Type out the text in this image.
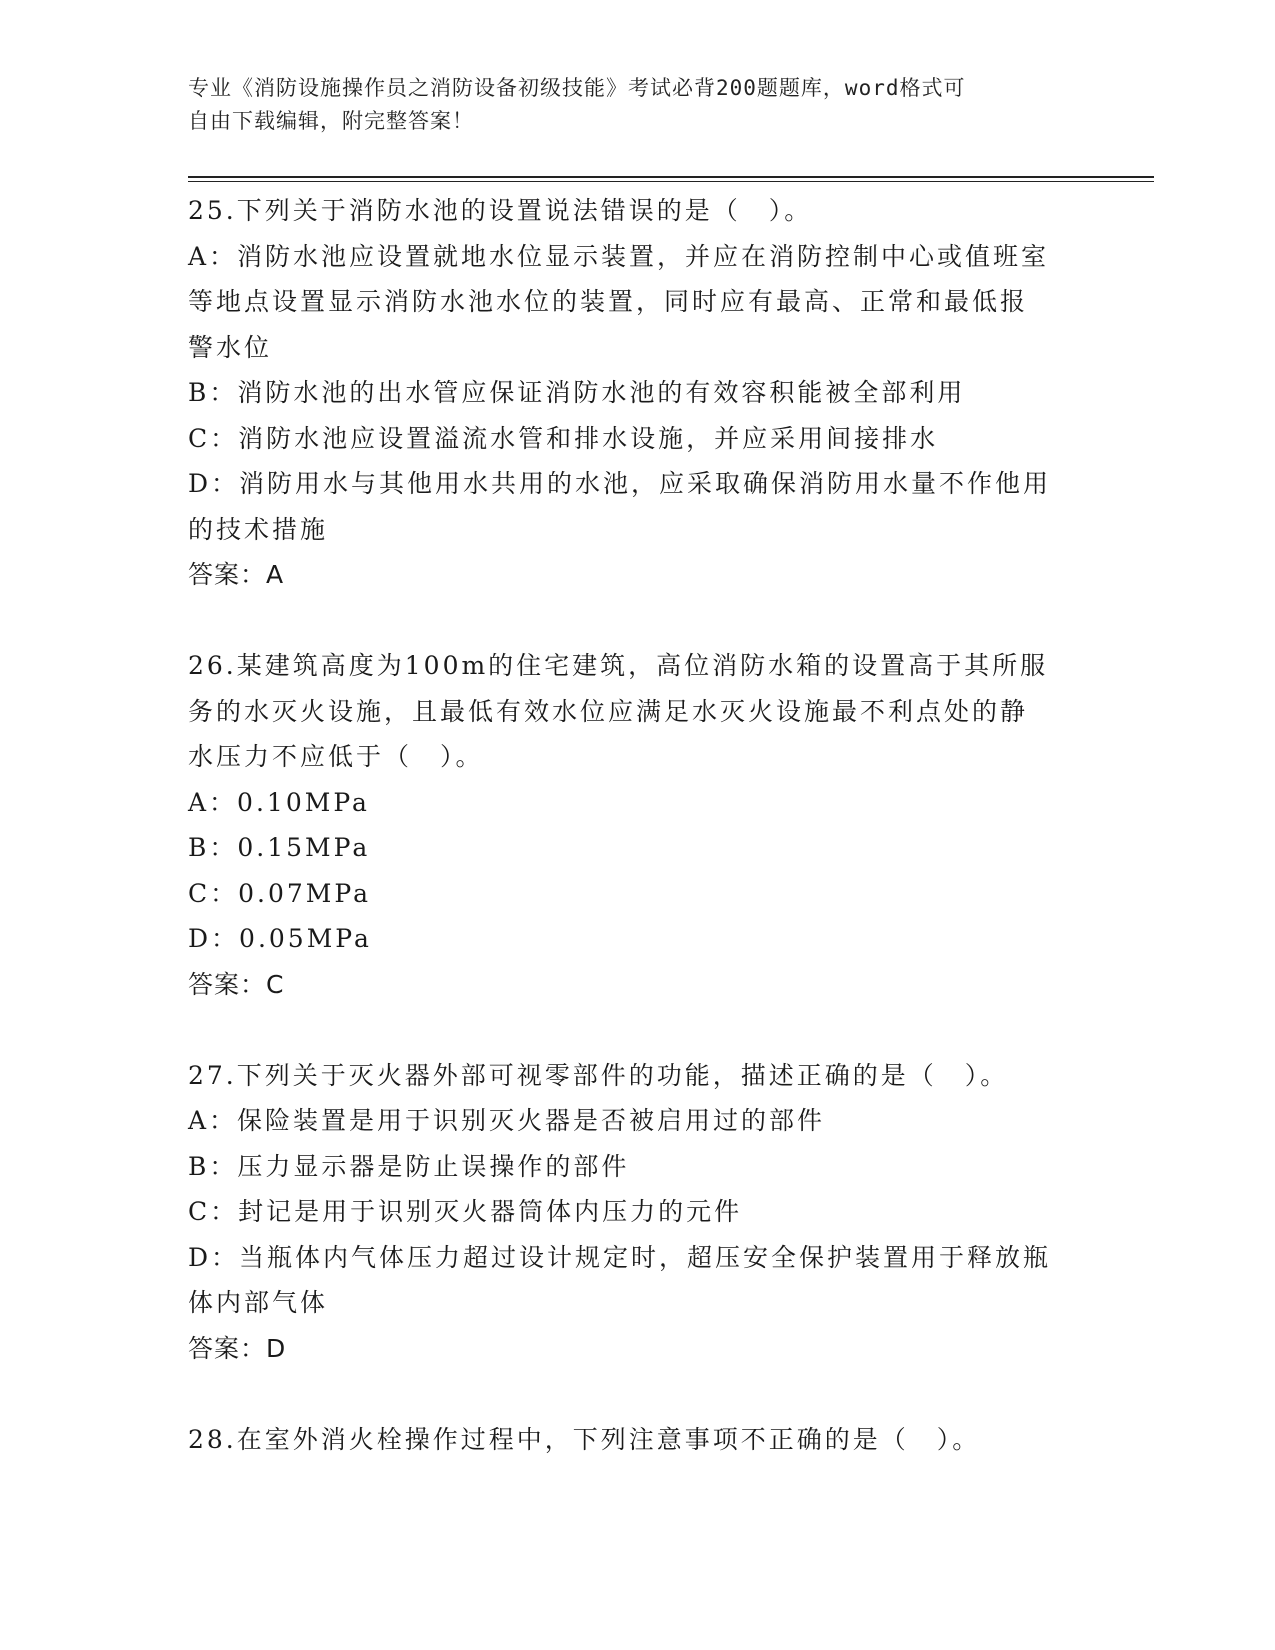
专业《消防设施操作员之消防设备初级技能》考试必背200题题库，word格式可
自由下载编辑，附完整答案！
25.下列关于消防水池的设置说法错误的是（　）。
A：消防水池应设置就地水位显示装置，并应在消防控制中心或值班室
等地点设置显示消防水池水位的装置，同时应有最高、正常和最低报
警水位
B：消防水池的出水管应保证消防水池的有效容积能被全部利用
C：消防水池应设置溢流水管和排水设施，并应采用间接排水
D：消防用水与其他用水共用的水池，应采取确保消防用水量不作他用
的技术措施
答案：A
26.某建筑高度为100m的住宅建筑，高位消防水箱的设置高于其所服
务的水灭火设施，且最低有效水位应满足水灭火设施最不利点处的静
水压力不应低于（　）。
A：0.10MPa
B：0.15MPa
C：0.07MPa
D：0.05MPa
答案：C
27.下列关于灭火器外部可视零部件的功能，描述正确的是（　）。
A：保险装置是用于识别灭火器是否被启用过的部件
B：压力显示器是防止误操作的部件
C：封记是用于识别灭火器筒体内压力的元件
D：当瓶体内气体压力超过设计规定时，超压安全保护装置用于释放瓶
体内部气体
答案：D
28.在室外消火栓操作过程中，下列注意事项不正确的是（　）。
